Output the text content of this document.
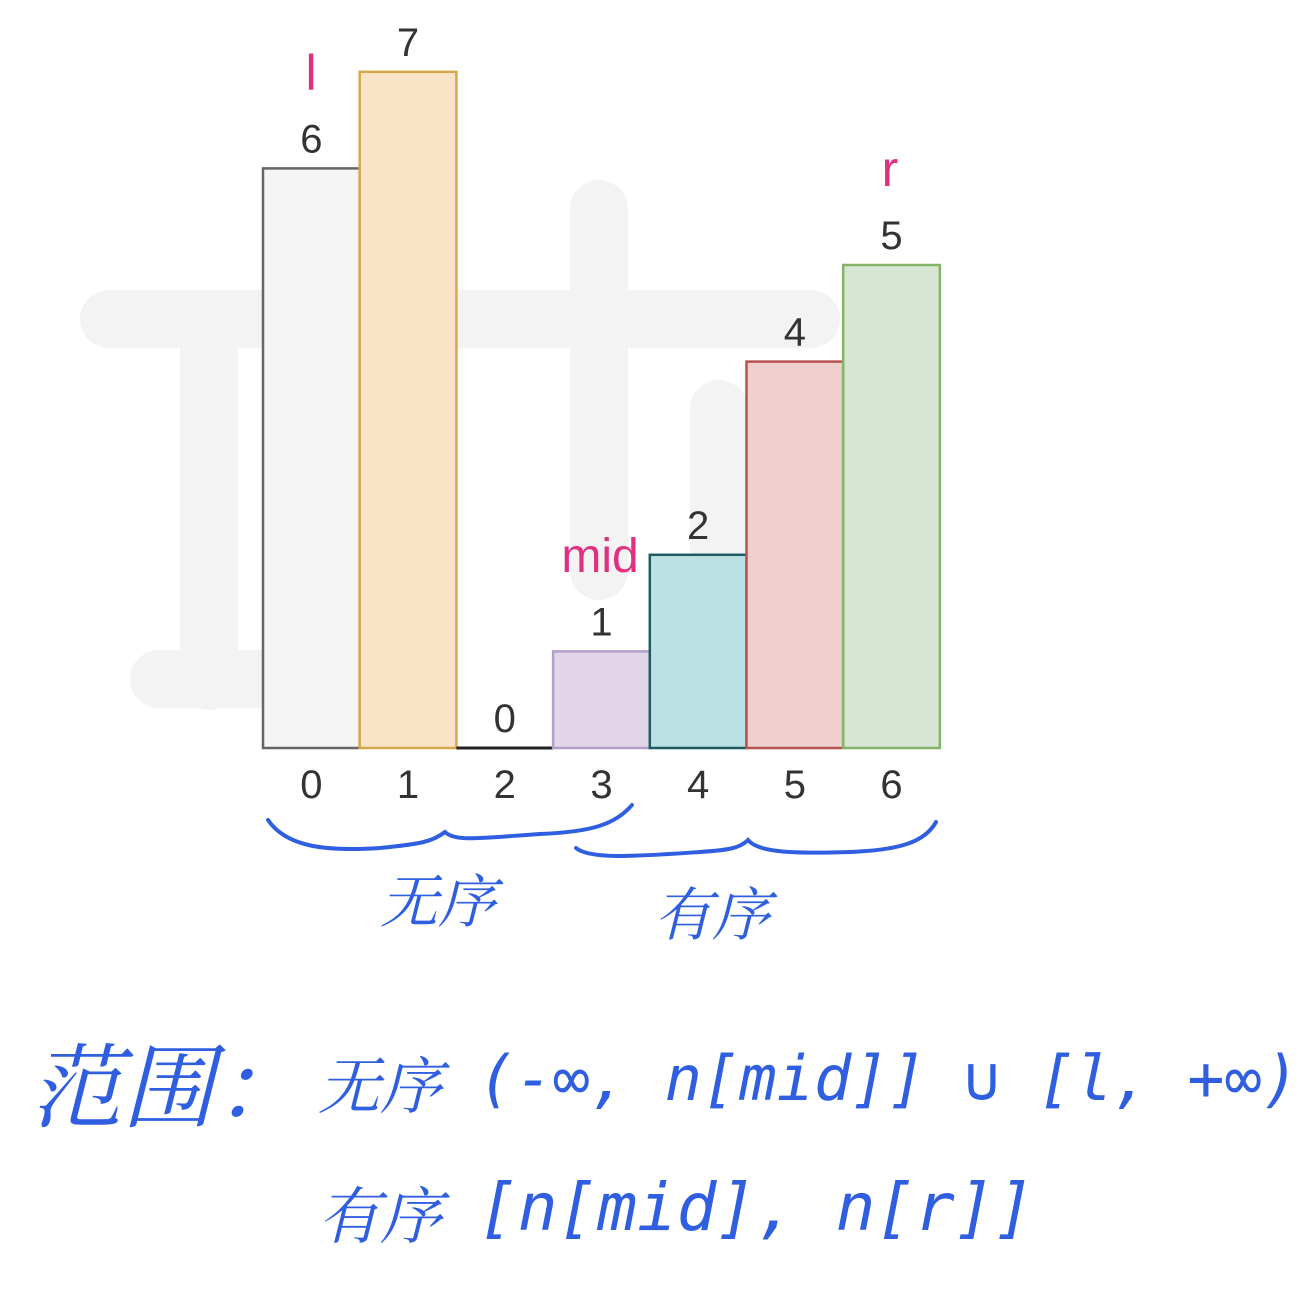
6
7
0
1
2
4
5
0 1 2 3 4 5 6
l
mid
r
无序	有序
范围： 无序 (-∞, n[mid]] ∪ [l, +∞)
有序 [n[mid], n[r]]
